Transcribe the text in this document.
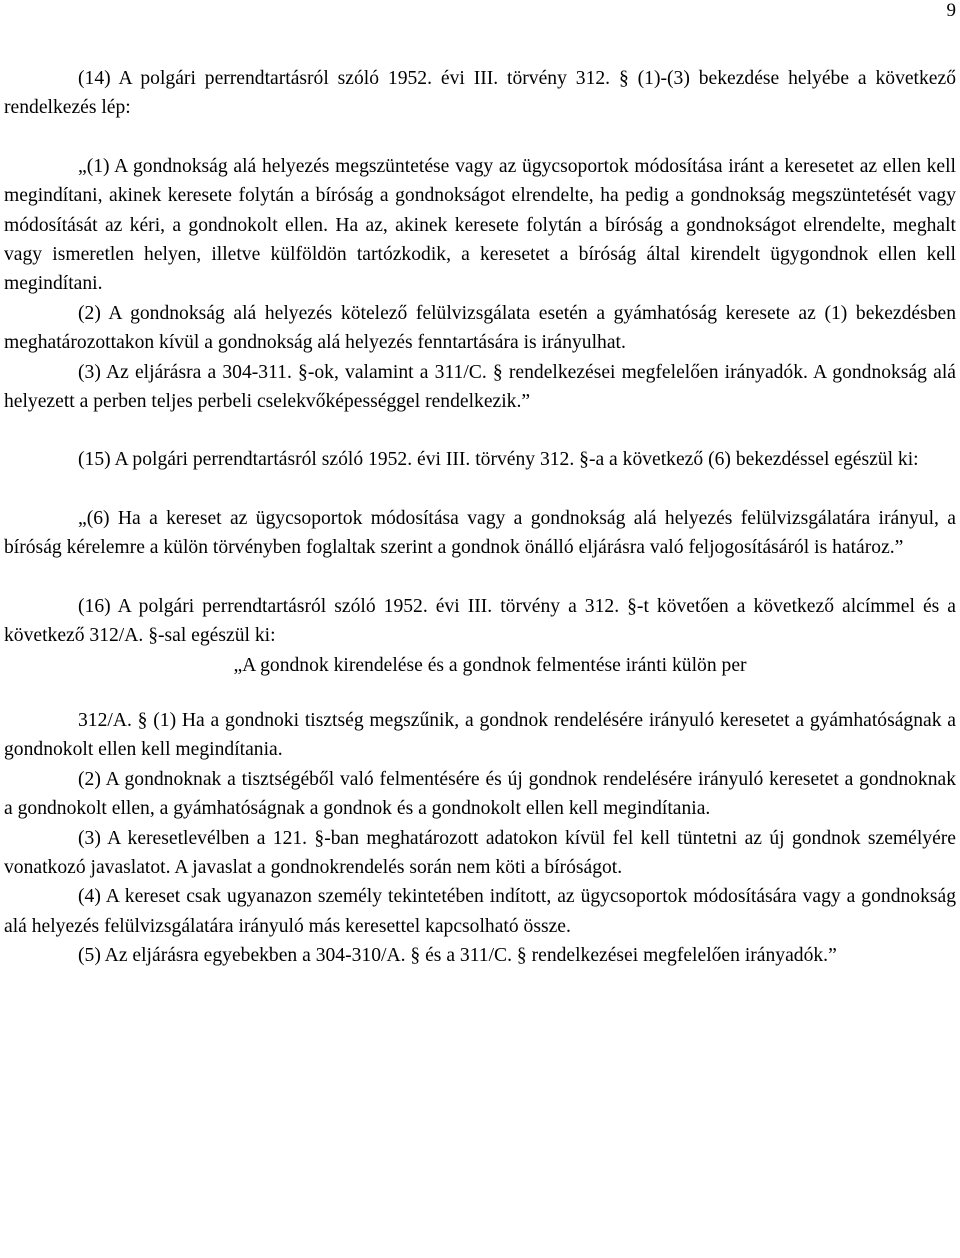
9

(14) A polgári perrendtartásról szóló 1952. évi III. törvény 312. § (1)-(3) bekezdése helyébe a következő rendelkezés lép:

„(1) A gondnokság alá helyezés megszüntetése vagy az ügycsoportok módosítása iránt a keresetet az ellen kell megindítani, akinek keresete folytán a bíróság a gondnokságot elrendelte, ha pedig a gondnokság megszüntetését vagy módosítását az kéri, a gondnokolt ellen. Ha az, akinek keresete folytán a bíróság a gondnokságot elrendelte, meghalt vagy ismeretlen helyen, illetve külföldön tartózkodik, a keresetet a bíróság által kirendelt ügygondnok ellen kell megindítani.

(2) A gondnokság alá helyezés kötelező felülvizsgálata esetén a gyámhatóság keresete az (1) bekezdésben meghatározottakon kívül a gondnokság alá helyezés fenntartására is irányulhat.

(3) Az eljárásra a 304-311. §-ok, valamint a 311/C. § rendelkezései megfelelően irányadók. A gondnokság alá helyezett a perben teljes perbeli cselekvőképességgel rendelkezik.”

(15) A polgári perrendtartásról szóló 1952. évi III. törvény 312. §-a a következő (6) bekezdéssel egészül ki:

„(6) Ha a kereset az ügycsoportok módosítása vagy a gondnokság alá helyezés felülvizsgálatára irányul, a bíróság kérelemre a külön törvényben foglaltak szerint a gondnok önálló eljárásra való feljogosításáról is határoz.”

(16) A polgári perrendtartásról szóló 1952. évi III. törvény a 312. §-t követően a következő alcímmel és a következő 312/A. §-sal egészül ki:

„A gondnok kirendelése és a gondnok felmentése iránti külön per

312/A. § (1) Ha a gondnoki tisztség megszűnik, a gondnok rendelésére irányuló keresetet a gyámhatóságnak a gondnokolt ellen kell megindítania.

(2) A gondnoknak a tisztségéből való felmentésére és új gondnok rendelésére irányuló keresetet a gondnoknak a gondnokolt ellen, a gyámhatóságnak a gondnok és a gondnokolt ellen kell megindítania.

(3) A keresetlevélben a 121. §-ban meghatározott adatokon kívül fel kell tüntetni az új gondnok személyére vonatkozó javaslatot. A javaslat a gondnokrendelés során nem köti a bíróságot.

(4) A kereset csak ugyanazon személy tekintetében indított, az ügycsoportok módosítására vagy a gondnokság alá helyezés felülvizsgálatára irányuló más keresettel kapcsolható össze.

(5) Az eljárásra egyebekben a 304-310/A. § és a 311/C. § rendelkezései megfelelően irányadók.”
